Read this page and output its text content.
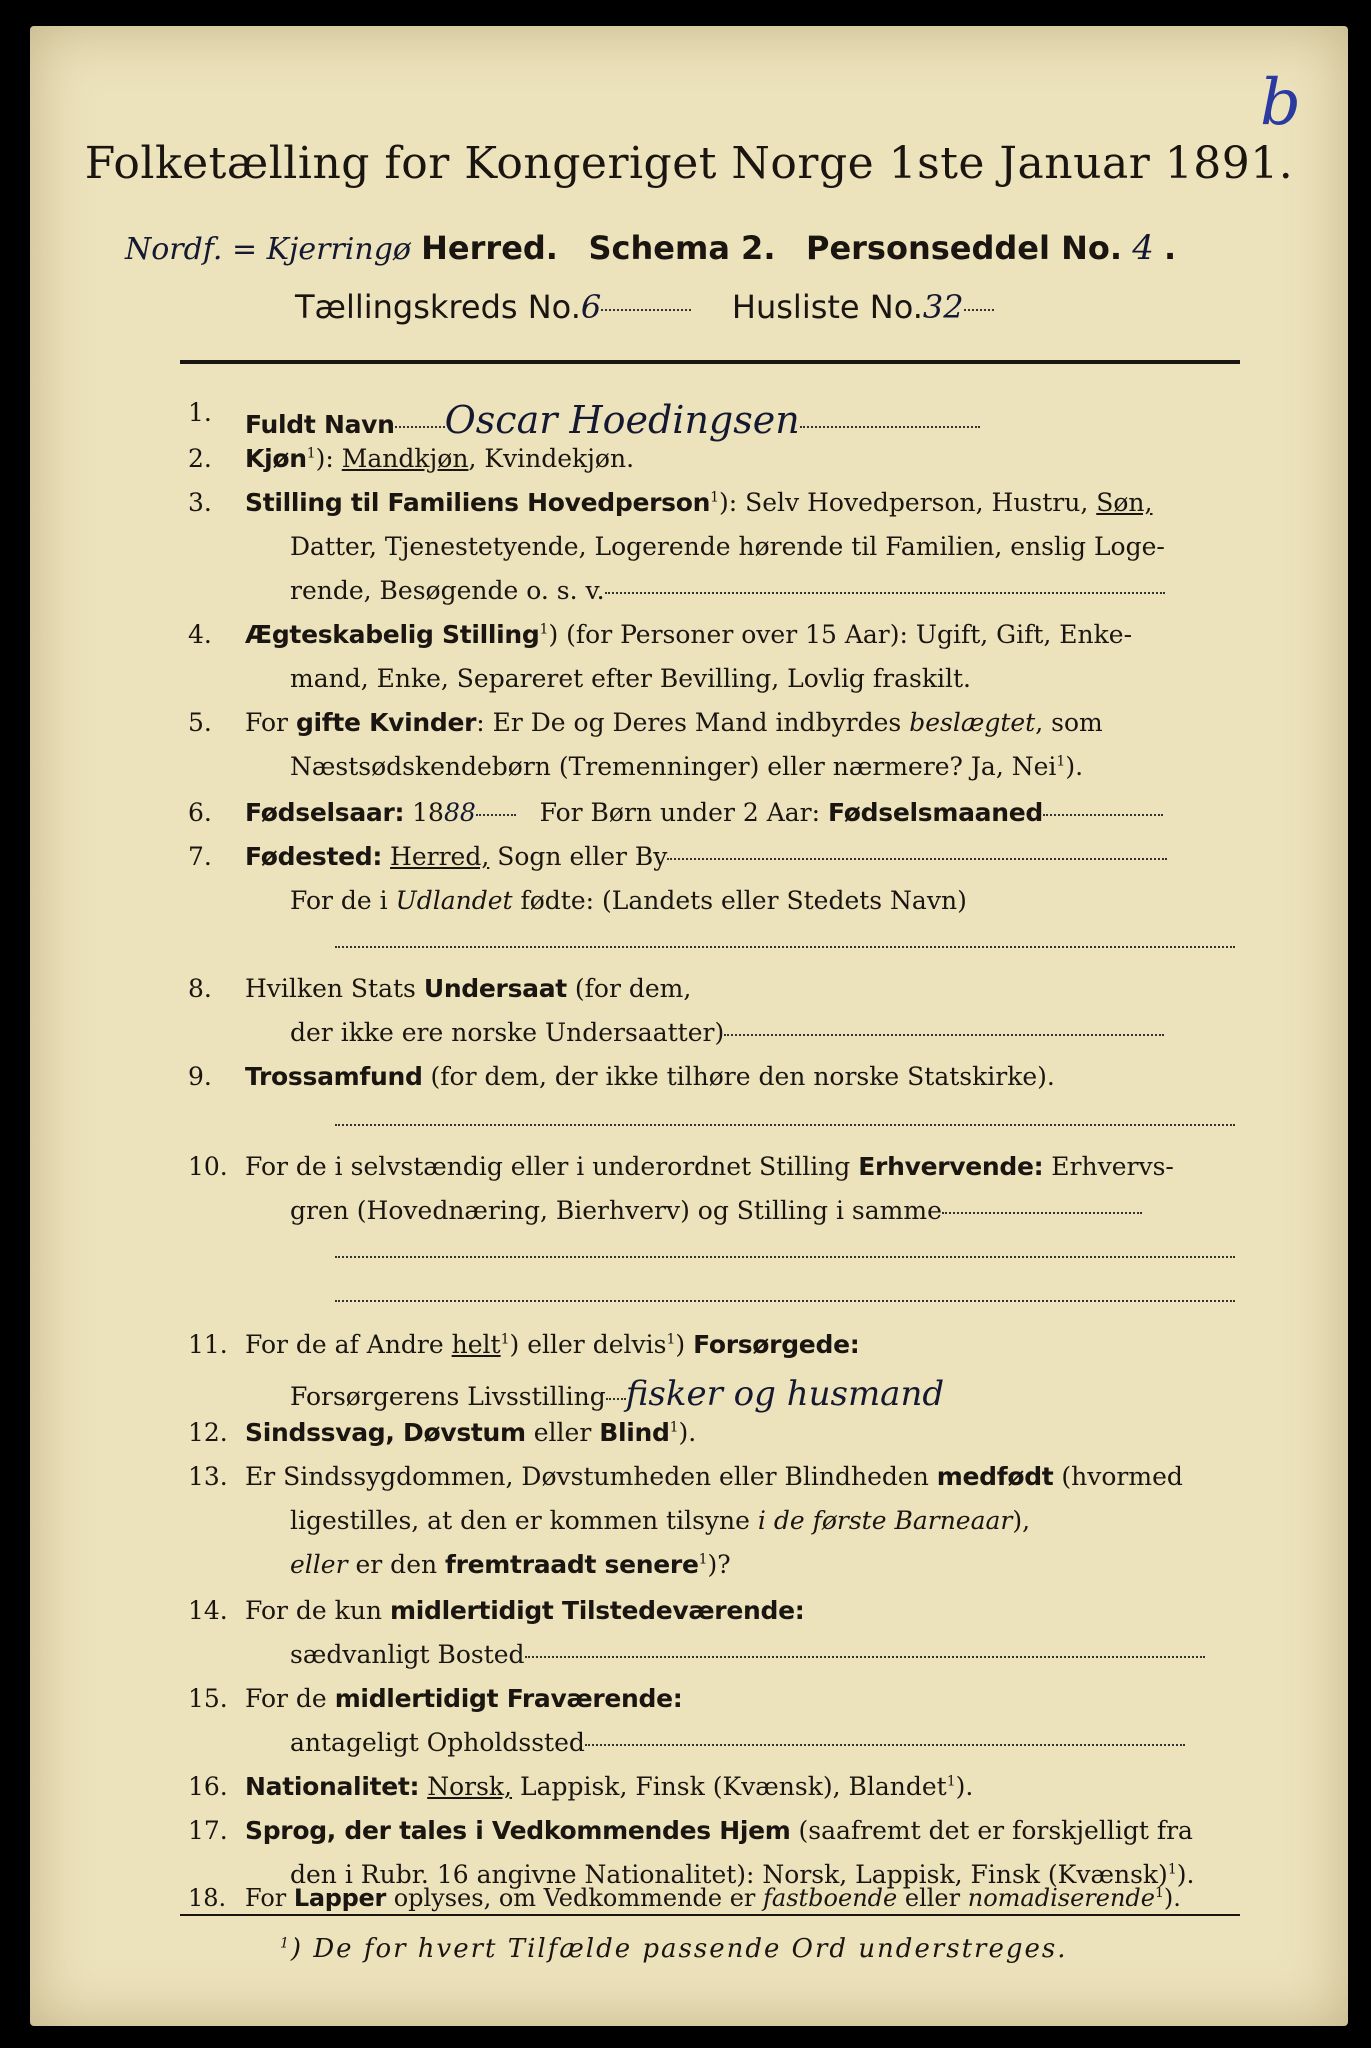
b
Folketælling for Kongeriget Norge 1ste Januar 1891.
Nordf. = Kjerringø Herred. Schema 2. Personseddel No. 4 .
Tællingskreds No.6	Husliste No.32
1.	Fuldt Navn Oscar Hoedingsen
2.	Kjøn$^1$): Mandkjøn, Kvindekjøn.
3.	Stilling til Familiens Hovedperson$^1$): Selv Hovedperson, Hustru, Søn,
Datter, Tjenestetyende, Logerende hørende til Familien, enslig Loge-
rende, Besøgende o. s. v.
4.	Ægteskabelig Stilling$^1$) (for Personer over 15 Aar): Ugift, Gift, Enke-
mand, Enke, Separeret efter Bevilling, Lovlig fraskilt.
5.	For gifte Kvinder: Er De og Deres Mand indbyrdes beslægtet, som
Næstsødskendebørn (Tremenninger) eller nærmere? Ja, Nei$^1$).
6.	Fødselsaar: 1888	For Børn under 2 Aar: Fødselsmaaned
7.	Fødested: Herred, Sogn eller By
For de i Udlandet fødte: (Landets eller Stedets Navn)
8.	Hvilken Stats Undersaat (for dem,
der ikke ere norske Undersaatter)
9.	Trossamfund (for dem, der ikke tilhøre den norske Statskirke).
10. For de i selvstændig eller i underordnet Stilling Erhvervende: Erhvervs-
gren (Hovednæring, Bierhverv) og Stilling i samme
11. For de af Andre helt$^1$) eller delvis$^1$) Forsørgede:
Forsørgerens Livsstilling fisker og husmand
12. Sindssvag, Døvstum eller Blind$^1$).
13. Er Sindssygdommen, Døvstumheden eller Blindheden medfødt (hvormed
ligestilles, at den er kommen tilsyne i de første Barneaar),
eller er den fremtraadt senere$^1$)?
14. For de kun midlertidigt Tilstedeværende:
sædvanligt Bosted
15. For de midlertidigt Fraværende:
antageligt Opholdssted
16. Nationalitet: Norsk, Lappisk, Finsk (Kvænsk), Blandet$^1$).
17. Sprog, der tales i Vedkommendes Hjem (saafremt det er forskjelligt fra
den i Rubr. 16 angivne Nationalitet): Norsk, Lappisk, Finsk (Kvænsk)$^1$).
18. For Lapper oplyses, om Vedkommende er fastboende eller nomadiserende$^1$).
$^1$) De for hvert Tilfælde passende Ord understreges.
